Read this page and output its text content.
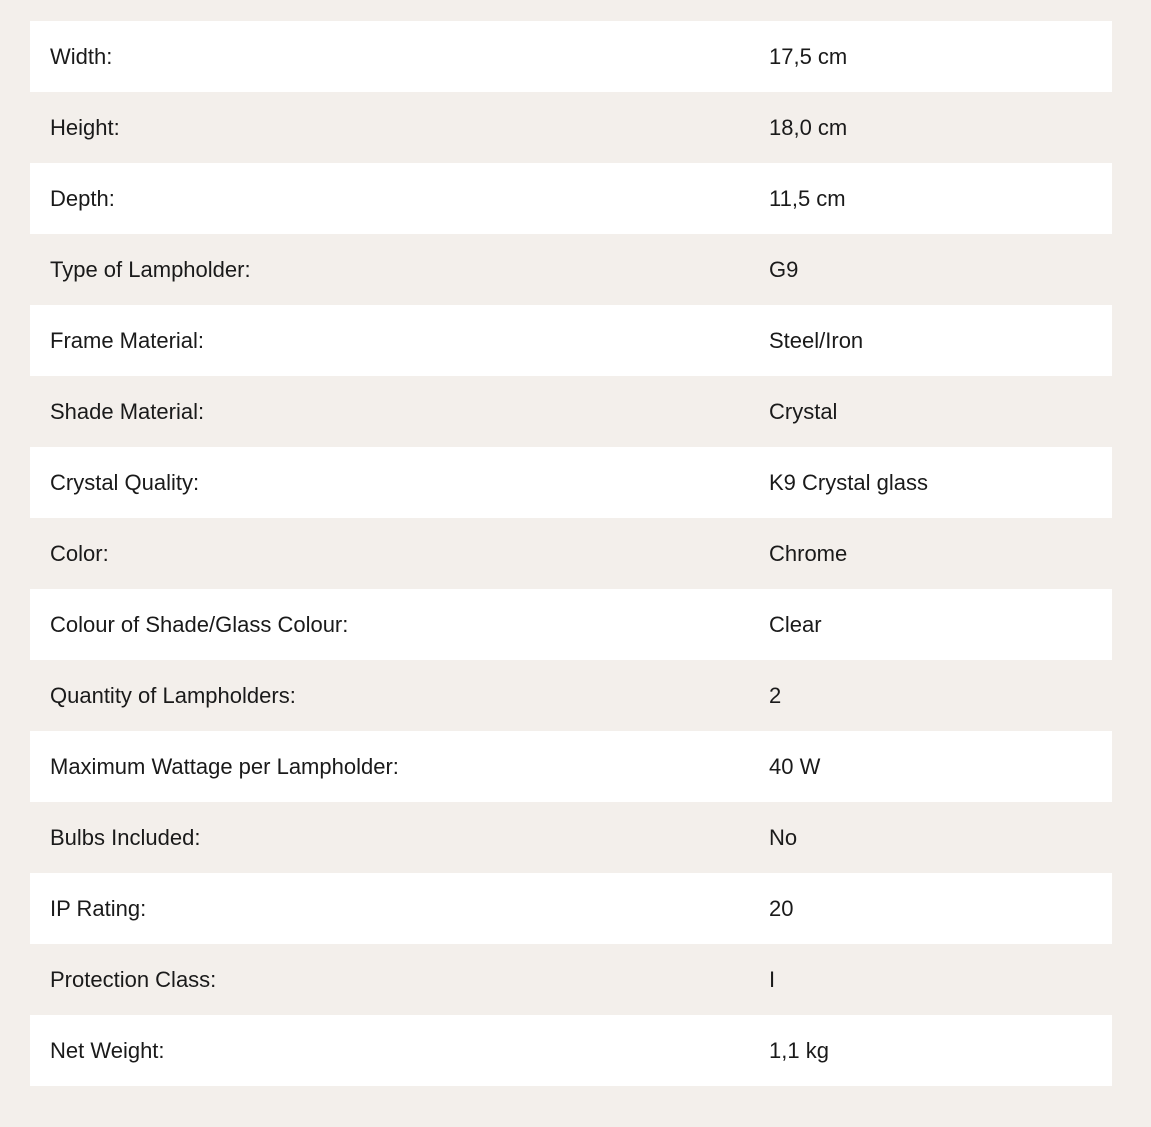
Width:	17,5 cm
Height:	18,0 cm
Depth:	11,5 cm
Type of Lampholder:	G9
Frame Material:	Steel/Iron
Shade Material:	Crystal
Crystal Quality:	K9 Crystal glass
Color:	Chrome
Colour of Shade/Glass Colour:	Clear
Quantity of Lampholders:	2
Maximum Wattage per Lampholder:	40 W
Bulbs Included:	No
IP Rating:	20
Protection Class:	I
Net Weight:	1,1 kg
